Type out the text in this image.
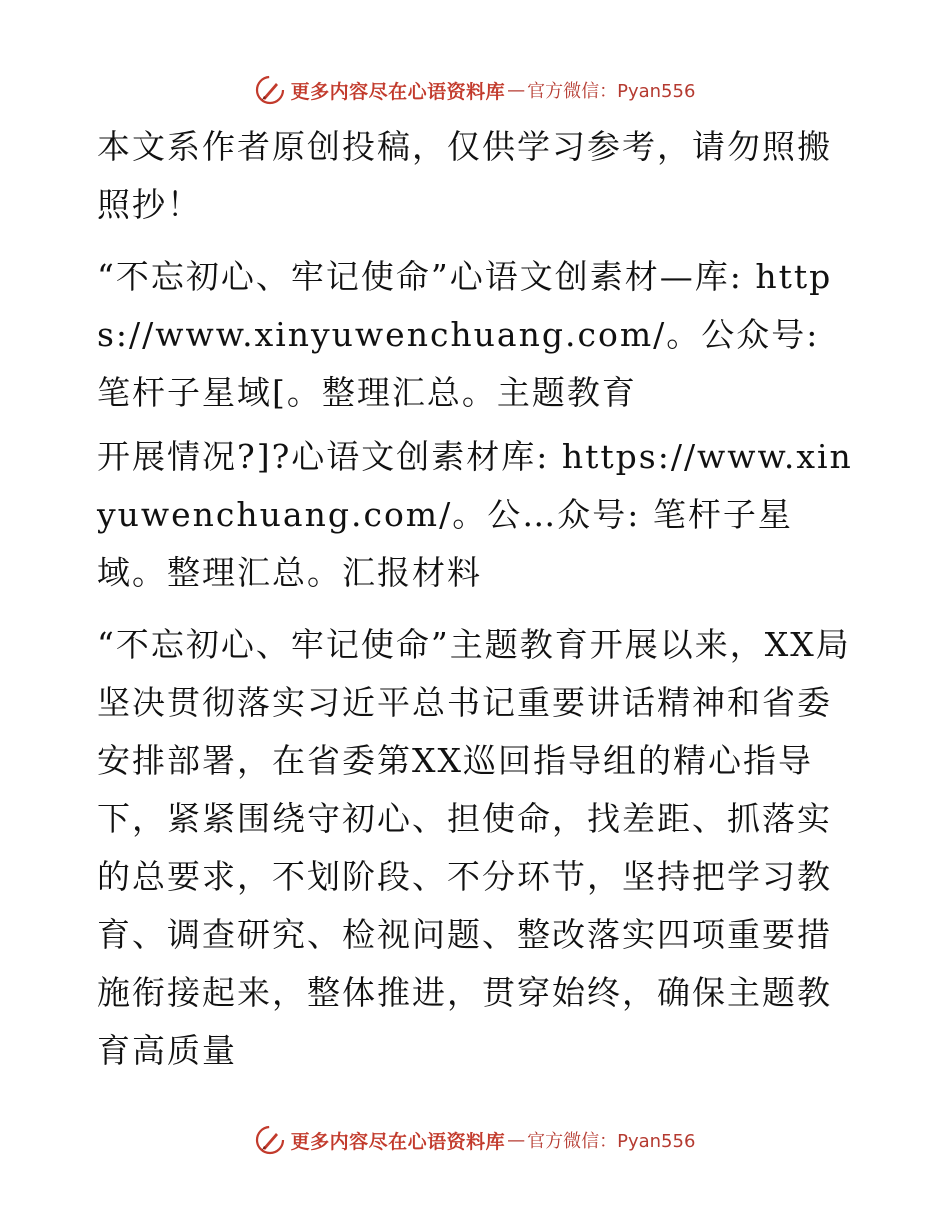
更多内容尽在心语资料库 — 官方微信：Pyan556

本文系作者原创投稿，仅供学习参考，请勿照搬照抄！

“不忘初心、牢记使命”心语文创素材—库: https://www.xinyuwenchuang.com/。公众号: 笔杆子星域[。整理汇总。主题教育

开展情况?]?心语文创素材库: https://www.xinyuwenchuang.com/。公…众号: 笔杆子星域。整理汇总。汇报材料

“不忘初心、牢记使命”主题教育开展以来，XX局坚决贯彻落实习近平总书记重要讲话精神和省委安排部署，在省委第XX巡回指导组的精心指导下，紧紧围绕守初心、担使命，找差距、抓落实的总要求，不划阶段、不分环节，坚持把学习教育、调查研究、检视问题、整改落实四项重要措施衔接起来，整体推进，贯穿始终，确保主题教育高质量

更多内容尽在心语资料库 — 官方微信：Pyan556
